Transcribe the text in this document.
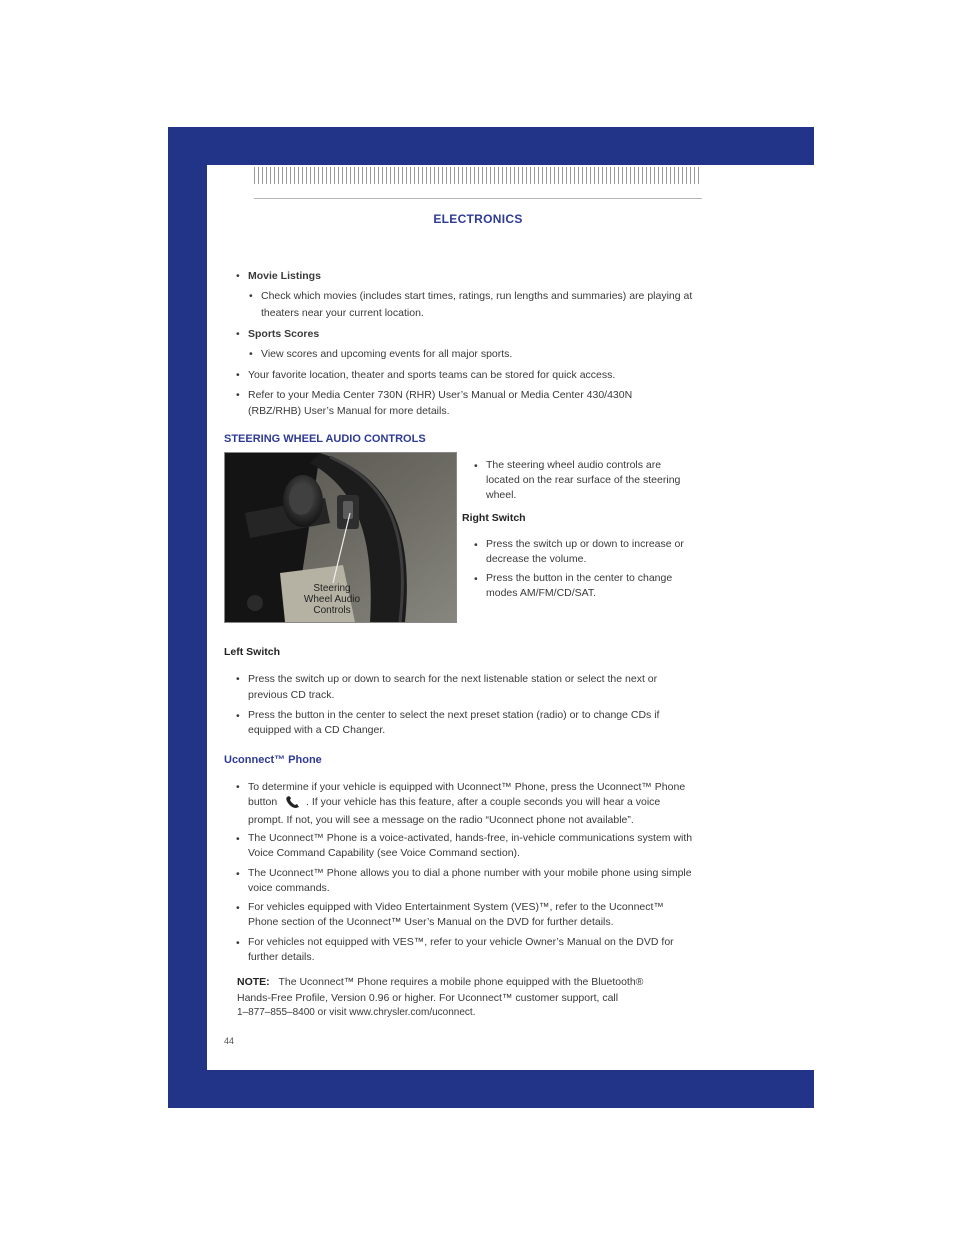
ELECTRONICS
• Movie Listings
• Check which movies (includes start times, ratings, run lengths and summaries) are playing at
theaters near your current location.
• Sports Scores
• View scores and upcoming events for all major sports.
• Your favorite location, theater and sports teams can be stored for quick access.
• Refer to your Media Center 730N (RHR) User’s Manual or Media Center 430/430N
(RBZ/RHB) User’s Manual for more details.
STEERING WHEEL AUDIO CONTROLS
Steering
Wheel Audio
Controls
• The steering wheel audio controls are
located on the rear surface of the steering
wheel.
Right Switch
• Press the switch up or down to increase or
decrease the volume.
• Press the button in the center to change
modes AM/FM/CD/SAT.
Left Switch
• Press the switch up or down to search for the next listenable station or select the next or
previous CD track.
• Press the button in the center to select the next preset station (radio) or to change CDs if
equipped with a CD Changer.
Uconnect™ Phone
• To determine if your vehicle is equipped with Uconnect™ Phone, press the Uconnect™ Phone
button	. If your vehicle has this feature, after a couple seconds you will hear a voice
prompt. If not, you will see a message on the radio “Uconnect phone not available”.
• The Uconnect™ Phone is a voice-activated, hands-free, in-vehicle communications system with
Voice Command Capability (see Voice Command section).
• The Uconnect™ Phone allows you to dial a phone number with your mobile phone using simple
voice commands.
• For vehicles equipped with Video Entertainment System (VES)™, refer to the Uconnect™
Phone section of the Uconnect™ User’s Manual on the DVD for further details.
• For vehicles not equipped with VES™, refer to your vehicle Owner’s Manual on the DVD for
further details.
NOTE: The Uconnect™ Phone requires a mobile phone equipped with the Bluetooth®
Hands-Free Profile, Version 0.96 or higher. For Uconnect™ customer support, call
1–877–855–8400 or visit www.chrysler.com/uconnect.
44
